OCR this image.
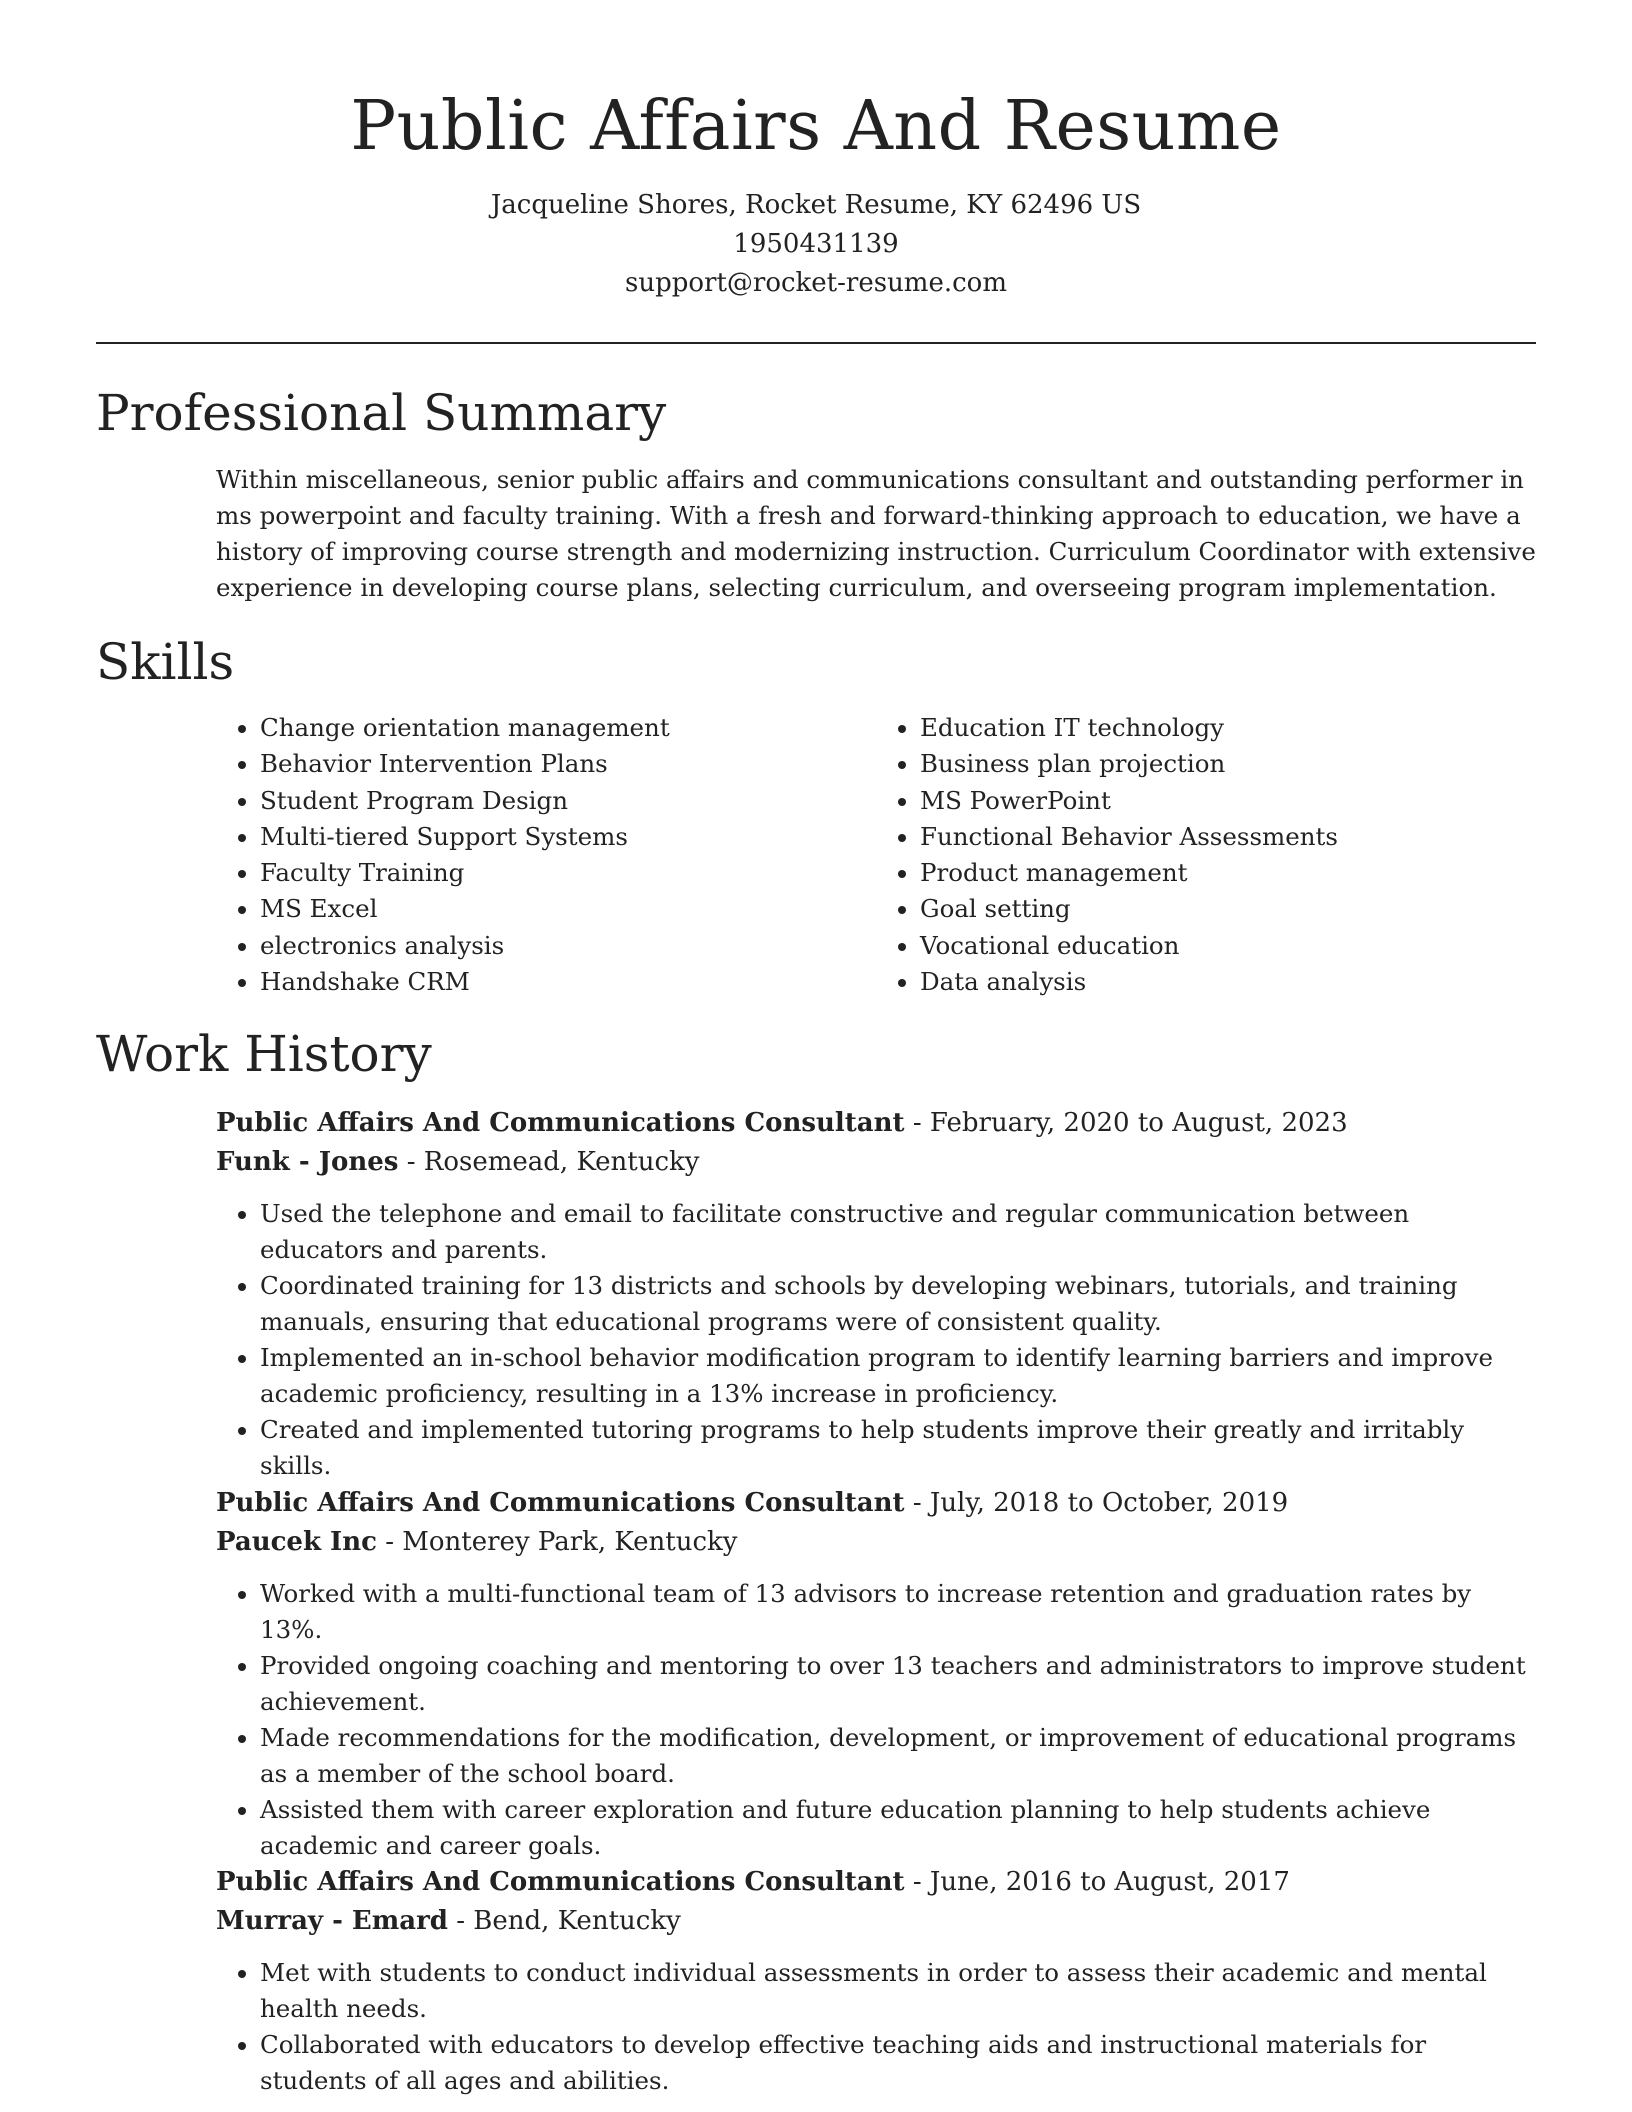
Public Affairs And Resume
Jacqueline Shores, Rocket Resume, KY 62496 US
1950431139
support@rocket-resume.com
Professional Summary

Within miscellaneous, senior public affairs and communications consultant and outstanding performer in ms powerpoint and faculty training. With a fresh and forward-thinking approach to education, we have a history of improving course strength and modernizing instruction. Curriculum Coordinator with extensive experience in developing course plans, selecting curriculum, and overseeing program implementation.

Skills
• Change orientation management
• Behavior Intervention Plans
• Student Program Design
• Multi-tiered Support Systems
• Faculty Training
• MS Excel
• electronics analysis
• Handshake CRM
• Education IT technology
• Business plan projection
• MS PowerPoint
• Functional Behavior Assessments
• Product management
• Goal setting
• Vocational education
• Data analysis
Work History
Public Affairs And Communications Consultant - February, 2020 to August, 2023
Funk - Jones - Rosemead, Kentucky
• Used the telephone and email to facilitate constructive and regular communication between educators and parents.
• Coordinated training for 13 districts and schools by developing webinars, tutorials, and training manuals, ensuring that educational programs were of consistent quality.
• Implemented an in-school behavior modification program to identify learning barriers and improve academic proficiency, resulting in a 13% increase in proficiency.
• Created and implemented tutoring programs to help students improve their greatly and irritably skills.
Public Affairs And Communications Consultant - July, 2018 to October, 2019
Paucek Inc - Monterey Park, Kentucky
• Worked with a multi-functional team of 13 advisors to increase retention and graduation rates by 13%.
• Provided ongoing coaching and mentoring to over 13 teachers and administrators to improve student achievement.
• Made recommendations for the modification, development, or improvement of educational programs as a member of the school board.
• Assisted them with career exploration and future education planning to help students achieve academic and career goals.
Public Affairs And Communications Consultant - June, 2016 to August, 2017
Murray - Emard - Bend, Kentucky
• Met with students to conduct individual assessments in order to assess their academic and mental health needs.
• Collaborated with educators to develop effective teaching aids and instructional materials for students of all ages and abilities.
